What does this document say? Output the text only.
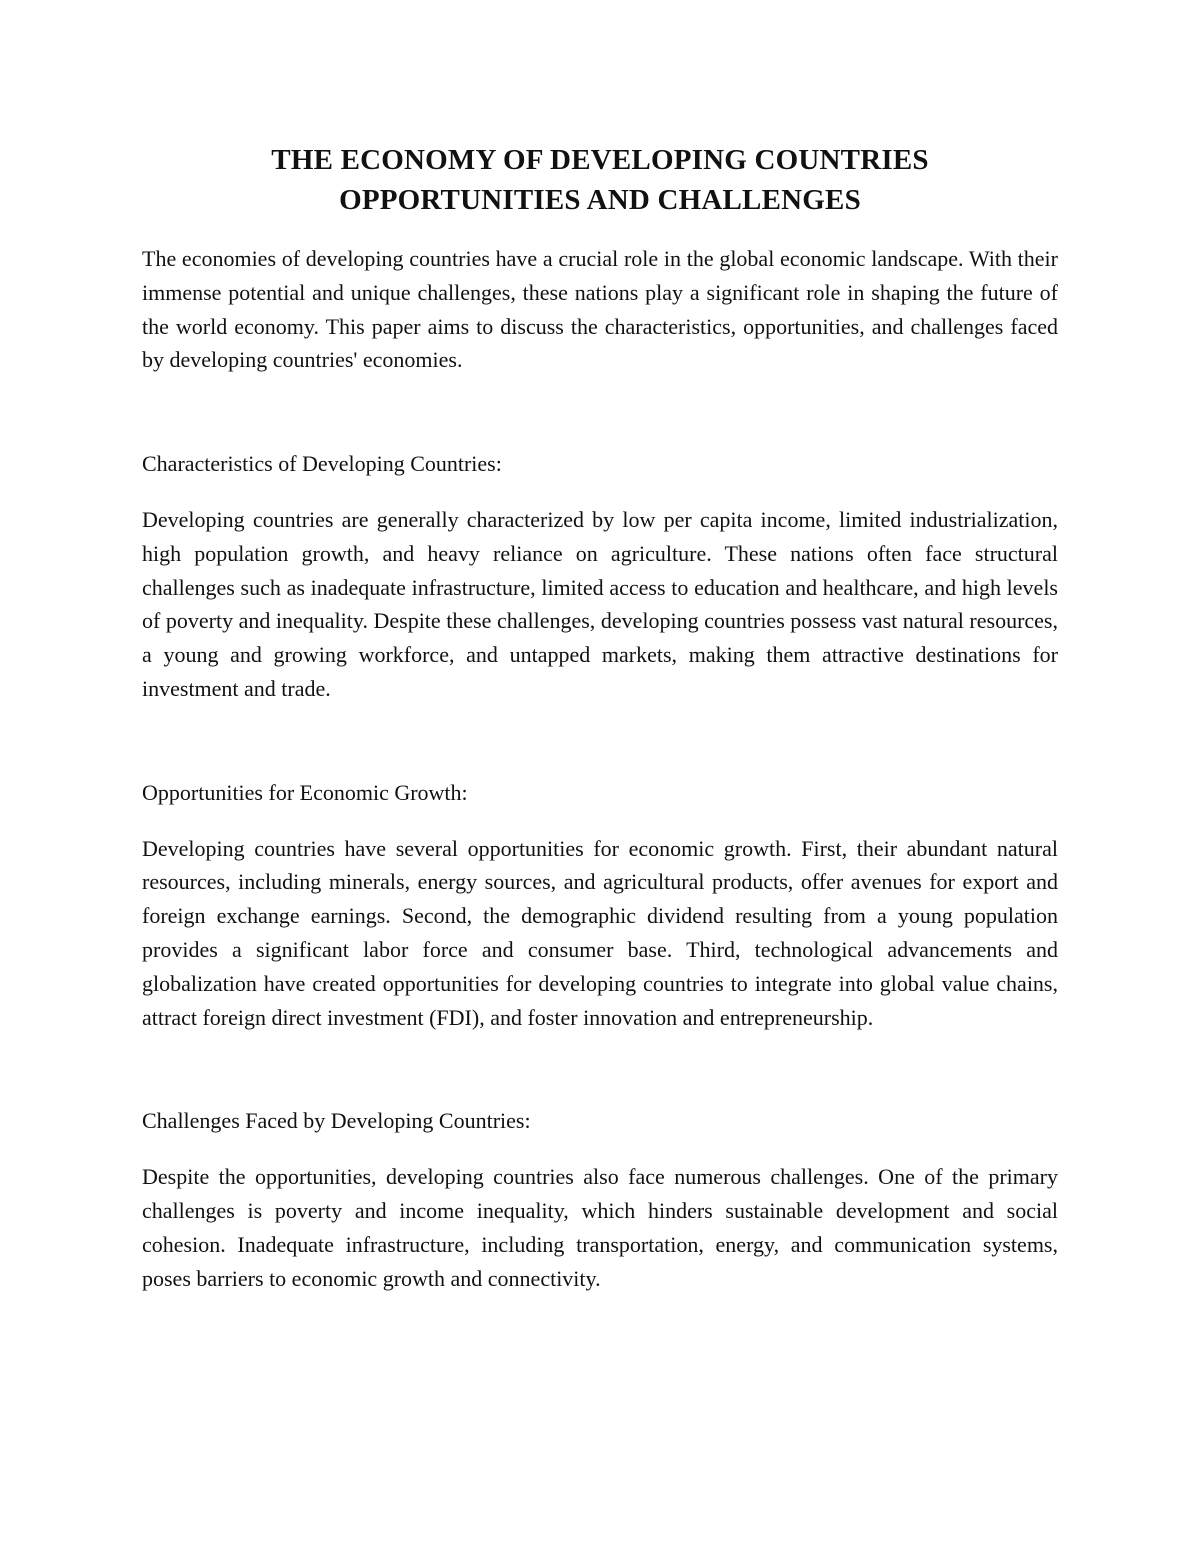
THE ECONOMY OF DEVELOPING COUNTRIES
OPPORTUNITIES AND CHALLENGES

The economies of developing countries have a crucial role in the global economic landscape. With their immense potential and unique challenges, these nations play a significant role in shaping the future of the world economy. This paper aims to discuss the characteristics, opportunities, and challenges faced by developing countries' economies.

Characteristics of Developing Countries:

Developing countries are generally characterized by low per capita income, limited industrialization, high population growth, and heavy reliance on agriculture. These nations often face structural challenges such as inadequate infrastructure, limited access to education and healthcare, and high levels of poverty and inequality. Despite these challenges, developing countries possess vast natural resources, a young and growing workforce, and untapped markets, making them attractive destinations for investment and trade.

Opportunities for Economic Growth:

Developing countries have several opportunities for economic growth. First, their abundant natural resources, including minerals, energy sources, and agricultural products, offer avenues for export and foreign exchange earnings. Second, the demographic dividend resulting from a young population provides a significant labor force and consumer base. Third, technological advancements and globalization have created opportunities for developing countries to integrate into global value chains, attract foreign direct investment (FDI), and foster innovation and entrepreneurship.

Challenges Faced by Developing Countries:

Despite the opportunities, developing countries also face numerous challenges. One of the primary challenges is poverty and income inequality, which hinders sustainable development and social cohesion. Inadequate infrastructure, including transportation, energy, and communication systems, poses barriers to economic growth and connectivity.
